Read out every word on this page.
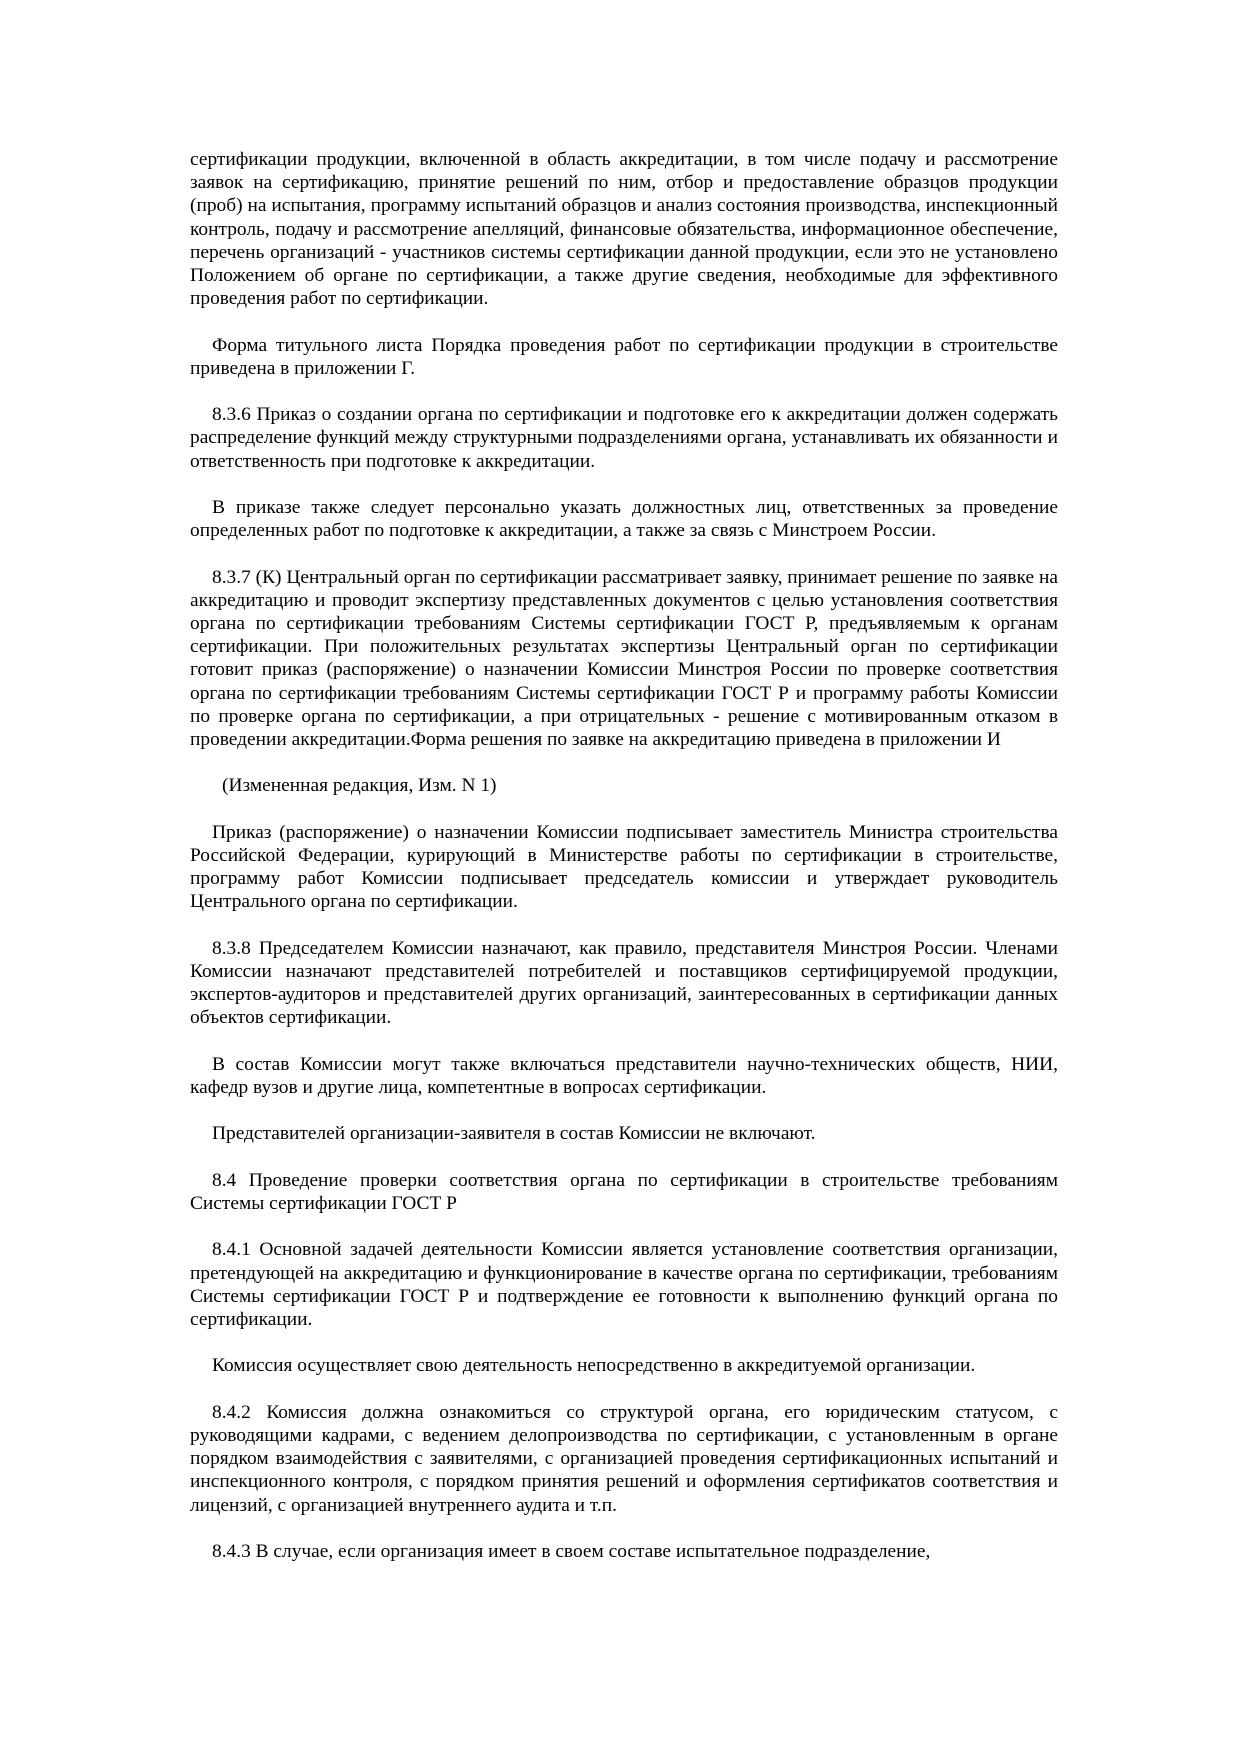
сертификации продукции, включенной в область аккредитации, в том числе подачу и рассмотрение заявок на сертификацию, принятие решений по ним, отбор и предоставление образцов продукции (проб) на испытания, программу испытаний образцов и анализ состояния производства, инспекционный контроль, подачу и рассмотрение апелляций, финансовые обязательства, информационное обеспечение, перечень организаций - участников системы сертификации данной продукции, если это не установлено Положением об органе по сертификации, а также другие сведения, необходимые для эффективного проведения работ по сертификации.

Форма титульного листа Порядка проведения работ по сертификации продукции в строительстве приведена в приложении Г.

8.3.6 Приказ о создании органа по сертификации и подготовке его к аккредитации должен содержать распределение функций между структурными подразделениями органа, устанавливать их обязанности и ответственность при подготовке к аккредитации.

В приказе также следует персонально указать должностных лиц, ответственных за проведение определенных работ по подготовке к аккредитации, а также за связь с Минстроем России.

8.3.7 (К) Центральный орган по сертификации рассматривает заявку, принимает решение по заявке на аккредитацию и проводит экспертизу представленных документов с целью установления соответствия органа по сертификации требованиям Системы сертификации ГОСТ Р, предъявляемым к органам сертификации. При положительных результатах экспертизы Центральный орган по сертификации готовит приказ (распоряжение) о назначении Комиссии Минстроя России по проверке соответствия органа по сертификации требованиям Системы сертификации ГОСТ Р и программу работы Комиссии по проверке органа по сертификации, а при отрицательных - решение с мотивированным отказом в проведении аккредитации.Форма решения по заявке на аккредитацию приведена в приложении И

(Измененная редакция, Изм. N 1)

Приказ (распоряжение) о назначении Комиссии подписывает заместитель Министра строительства Российской Федерации, курирующий в Министерстве работы по сертификации в строительстве, программу работ Комиссии подписывает председатель комиссии и утверждает руководитель Центрального органа по сертификации.

8.3.8 Председателем Комиссии назначают, как правило, представителя Минстроя России. Членами Комиссии назначают представителей потребителей и поставщиков сертифицируемой продукции, экспертов-аудиторов и представителей других организаций, заинтересованных в сертификации данных объектов сертификации.

В состав Комиссии могут также включаться представители научно-технических обществ, НИИ, кафедр вузов и другие лица, компетентные в вопросах сертификации.

Представителей организации-заявителя в состав Комиссии не включают.

8.4 Проведение проверки соответствия органа по сертификации в строительстве требованиям Системы сертификации ГОСТ Р

8.4.1 Основной задачей деятельности Комиссии является установление соответствия организации, претендующей на аккредитацию и функционирование в качестве органа по сертификации, требованиям Системы сертификации ГОСТ Р и подтверждение ее готовности к выполнению функций органа по сертификации.

Комиссия осуществляет свою деятельность непосредственно в аккредитуемой организации.

8.4.2 Комиссия должна ознакомиться со структурой органа, его юридическим статусом, с руководящими кадрами, с ведением делопроизводства по сертификации, с установленным в органе порядком взаимодействия с заявителями, с организацией проведения сертификационных испытаний и инспекционного контроля, с порядком принятия решений и оформления сертификатов соответствия и лицензий, с организацией внутреннего аудита и т.п.

8.4.3 В случае, если организация имеет в своем составе испытательное подразделение,
